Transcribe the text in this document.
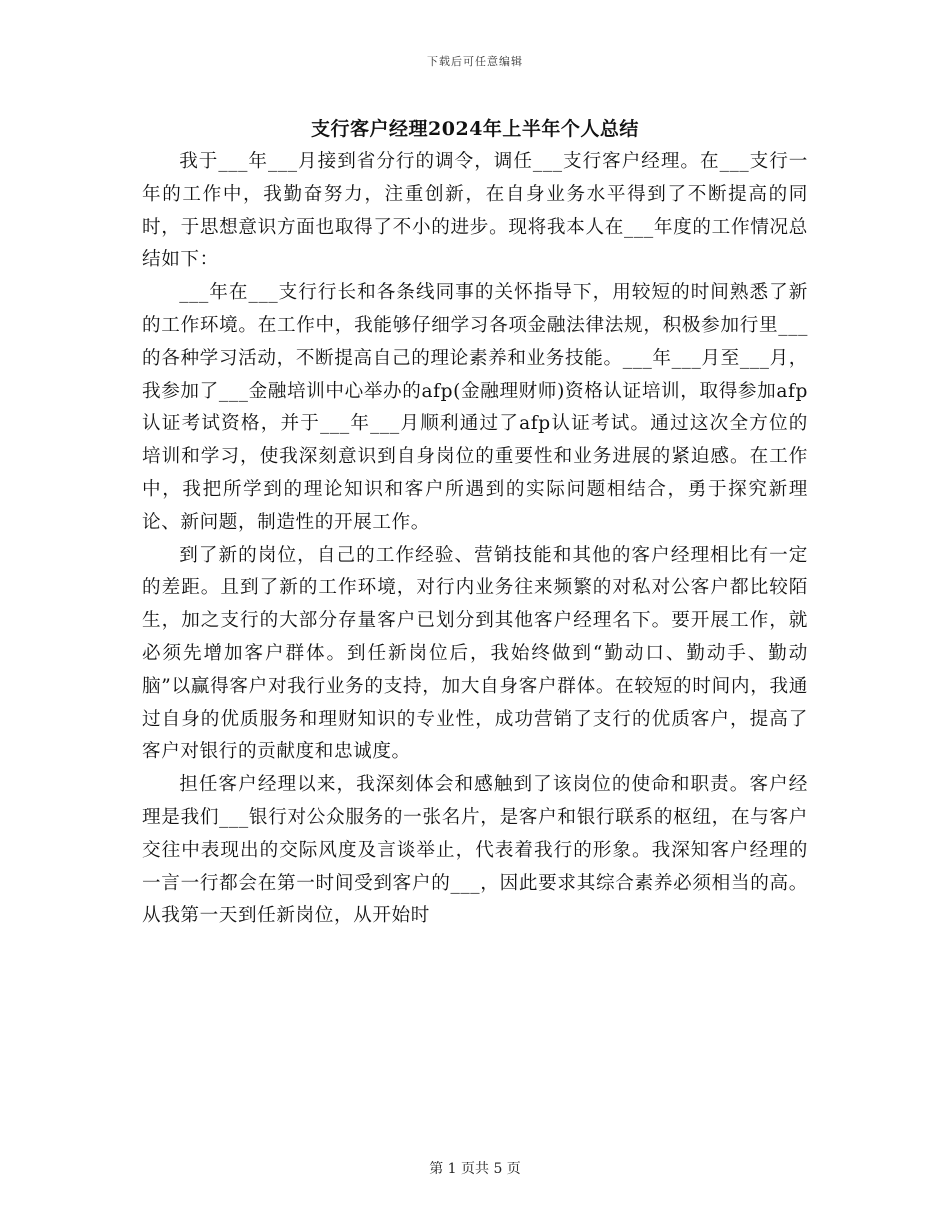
下载后可任意编辑
支行客户经理2024年上半年个人总结

我于___年___月接到省分行的调令，调任___支行客户经理。在___支行一年的工作中，我勤奋努力，注重创新，在自身业务水平得到了不断提高的同时，于思想意识方面也取得了不小的进步。现将我本人在___年度的工作情况总结如下：

___年在___支行行长和各条线同事的关怀指导下，用较短的时间熟悉了新的工作环境。在工作中，我能够仔细学习各项金融法律法规，积极参加行里___的各种学习活动，不断提高自己的理论素养和业务技能。___年___月至___月，我参加了___金融培训中心举办的afp(金融理财师)资格认证培训，取得参加afp认证考试资格，并于___年___月顺利通过了afp认证考试。通过这次全方位的培训和学习，使我深刻意识到自身岗位的重要性和业务进展的紧迫感。在工作中，我把所学到的理论知识和客户所遇到的实际问题相结合，勇于探究新理论、新问题，制造性的开展工作。

到了新的岗位，自己的工作经验、营销技能和其他的客户经理相比有一定的差距。且到了新的工作环境，对行内业务往来频繁的对私对公客户都比较陌生，加之支行的大部分存量客户已划分到其他客户经理名下。要开展工作，就必须先增加客户群体。到任新岗位后，我始终做到“勤动口、勤动手、勤动脑”以赢得客户对我行业务的支持，加大自身客户群体。在较短的时间内，我通过自身的优质服务和理财知识的专业性，成功营销了支行的优质客户，提高了客户对银行的贡献度和忠诚度。

担任客户经理以来，我深刻体会和感触到了该岗位的使命和职责。客户经理是我们___银行对公众服务的一张名片，是客户和银行联系的枢纽，在与客户交往中表现出的交际风度及言谈举止，代表着我行的形象。我深知客户经理的一言一行都会在第一时间受到客户的___，因此要求其综合素养必须相当的高。从我第一天到任新岗位，从开始时

第 1 页共 5 页
